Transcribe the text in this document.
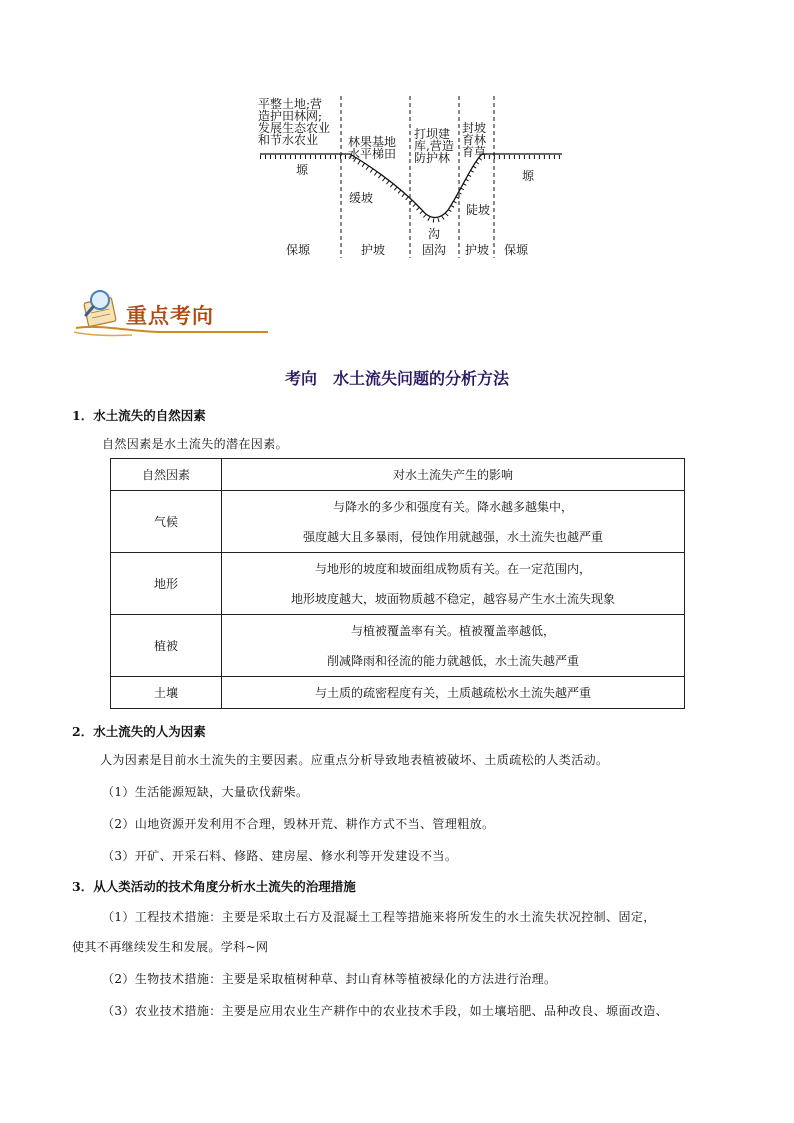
平整土地;营
造护田林网;
发展生态农业
和节水农业	林果基地
水平梯田
打坝建
库,营造
防护林
封坡
育林
育草
塬
缓坡
沟
陡坡
塬
保塬	护坡	固沟 护坡 保塬
重点考向
考向　水土流失问题的分析方法
1．水土流失的自然因素
自然因素是水土流失的潜在因素。
自然因素	对水土流失产生的影响
气候	与降水的多少和强度有关。降水越多越集中，
强度越大且多暴雨，侵蚀作用就越强，水土流失也越严重

地形	与地形的坡度和坡面组成物质有关。在一定范围内，
地形坡度越大，坡面物质越不稳定，越容易产生水土流失现象

植被	与植被覆盖率有关。植被覆盖率越低，
削减降雨和径流的能力就越低，水土流失越严重

土壤	与土质的疏密程度有关，土质越疏松水土流失越严重
2．水土流失的人为因素
人为因素是目前水土流失的主要因素。应重点分析导致地表植被破坏、土质疏松的人类活动。
（1）生活能源短缺，大量砍伐薪柴。
（2）山地资源开发利用不合理，毁林开荒、耕作方式不当、管理粗放。
（3）开矿、开采石料、修路、建房屋、修水利等开发建设不当。
3．从人类活动的技术角度分析水土流失的治理措施
（1）工程技术措施：主要是采取土石方及混凝土工程等措施来将所发生的水土流失状况控制、固定，
使其不再继续发生和发展。学科~网
（2）生物技术措施：主要是采取植树种草、封山育林等植被绿化的方法进行治理。
（3）农业技术措施：主要是应用农业生产耕作中的农业技术手段，如土壤培肥、品种改良、塬面改造、
